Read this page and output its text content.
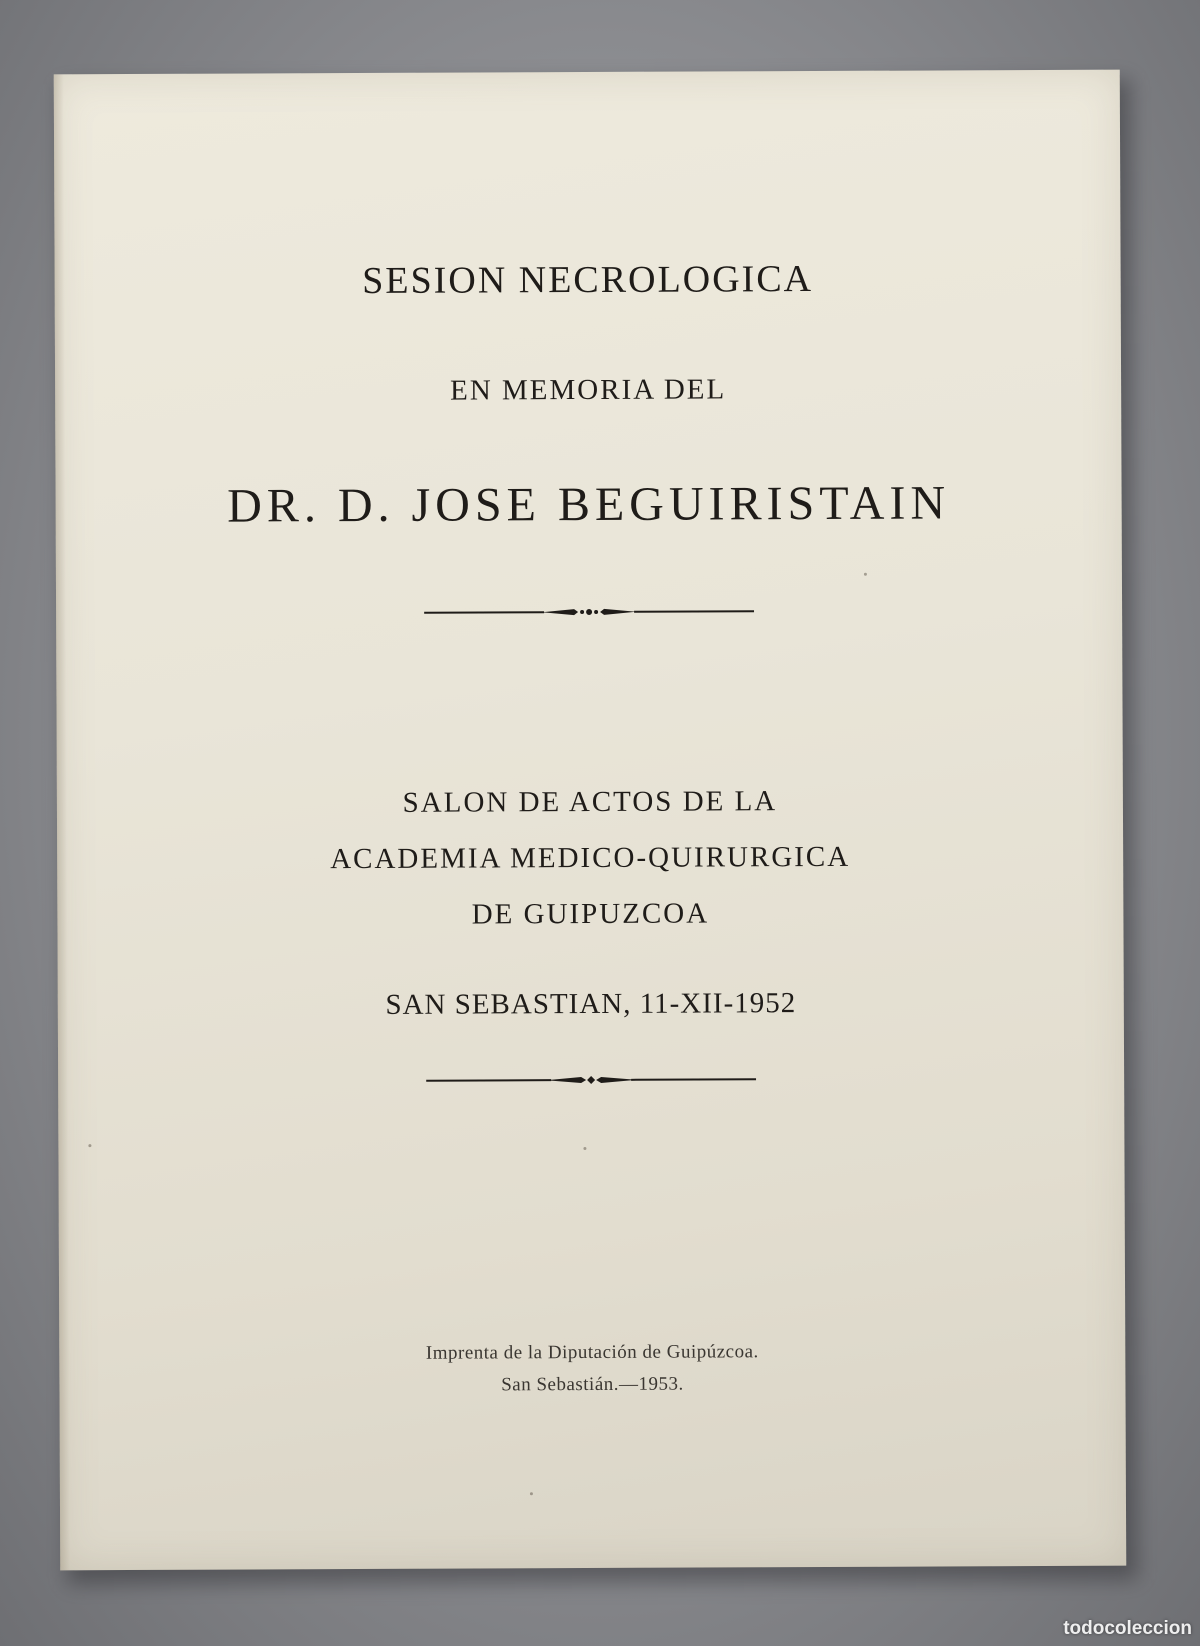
SESION NECROLOGICA
EN MEMORIA DEL
DR. D. JOSE BEGUIRISTAIN
SALON DE ACTOS DE LA
ACADEMIA MEDICO-QUIRURGICA
DE GUIPUZCOA
SAN SEBASTIAN, 11-XII-1952
Imprenta de la Diputación de Guipúzcoa.
San Sebastián.—1953.
todocoleccion
